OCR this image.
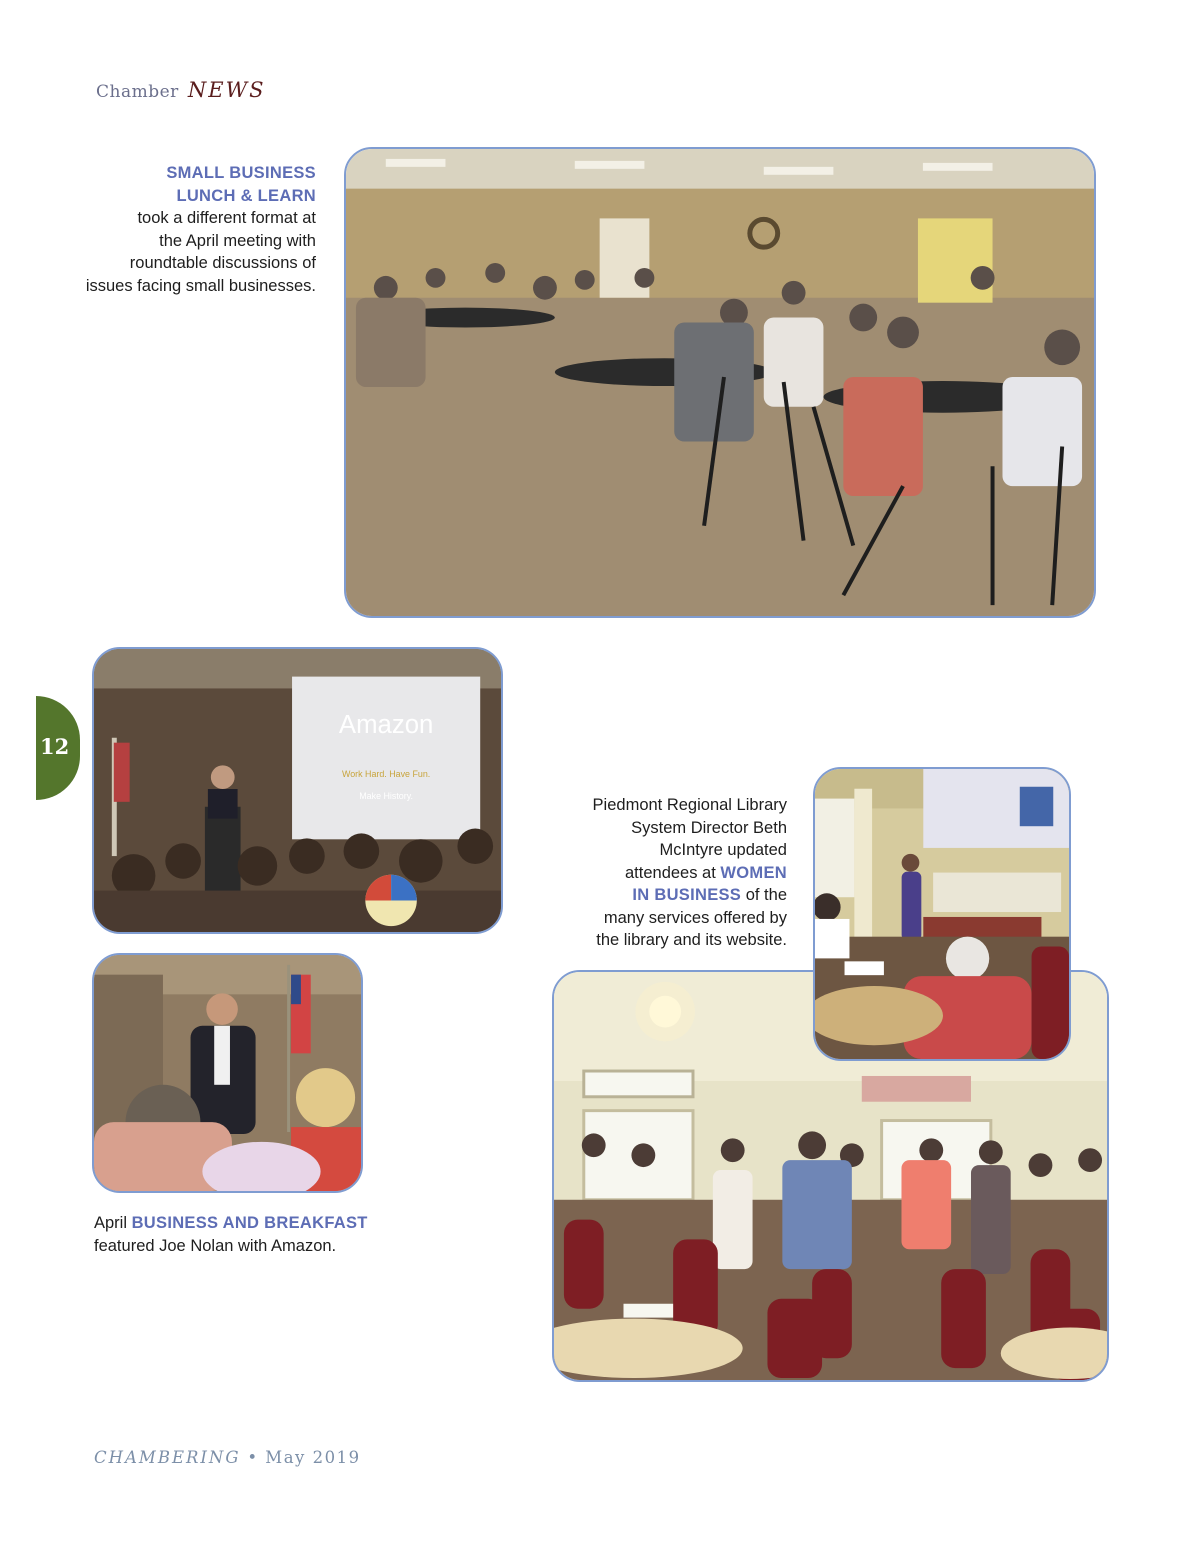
Chamber NEWS
SMALL BUSINESS
LUNCH & LEARN
took a different format at
the April meeting with
roundtable discussions of
issues facing small businesses.
Amazon
Work Hard. Have Fun.
Make History.
12
Piedmont Regional Library
System Director Beth
McIntyre updated
attendees at WOMEN
IN BUSINESS of the
many services offered by
the library and its website.
April BUSINESS AND BREAKFAST
featured Joe Nolan with Amazon.
CHAMBERING • May 2019
